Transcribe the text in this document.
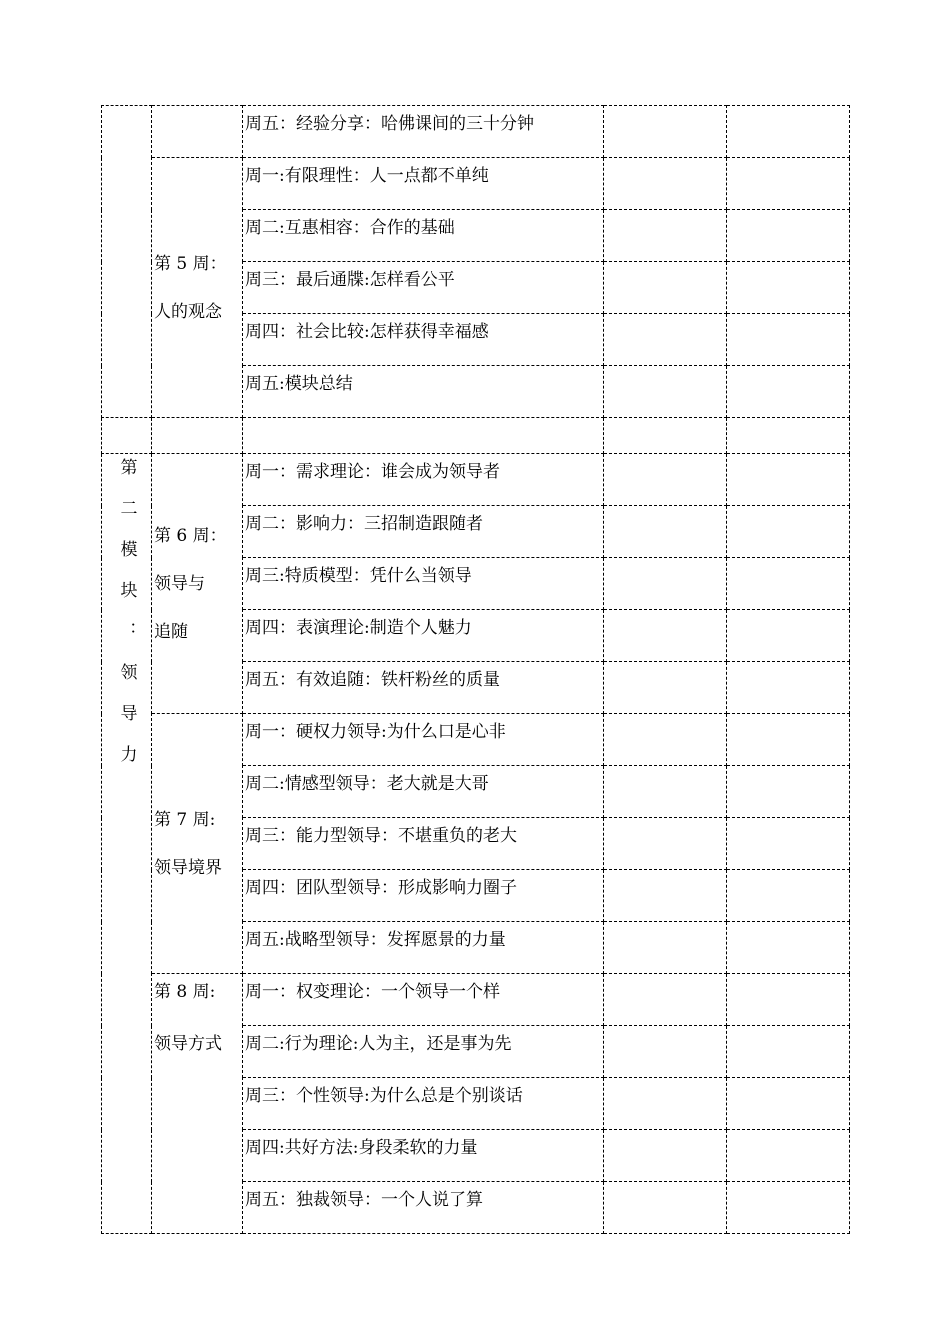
		周五：经验分享：哈佛课间的三十分钟		

	第 5 周：
人的观念	周一:有限理性：人一点都不单纯		
		周二:互惠相容：合作的基础		
		周三：最后通牒:怎样看公平		
		周四：社会比较:怎样获得幸福感		
		周五:模块总结		

第二模块：领导力	第 6 周：
领导与
追随	周一：需求理论：谁会成为领导者		
		周二：影响力：三招制造跟随者		
		周三:特质模型：凭什么当领导		
		周四：表演理论:制造个人魅力		
		周五：有效追随：铁杆粉丝的质量		

	第 7 周:
领导境界	周一：硬权力领导:为什么口是心非		
		周二:情感型领导：老大就是大哥		
		周三：能力型领导：不堪重负的老大		
		周四：团队型领导：形成影响力圈子		
		周五:战略型领导：发挥愿景的力量		

	第 8 周:
领导方式	周一：权变理论：一个领导一个样		
		周二:行为理论:人为主，还是事为先		
		周三：个性领导:为什么总是个别谈话		
		周四:共好方法:身段柔软的力量		
		周五：独裁领导：一个人说了算		
